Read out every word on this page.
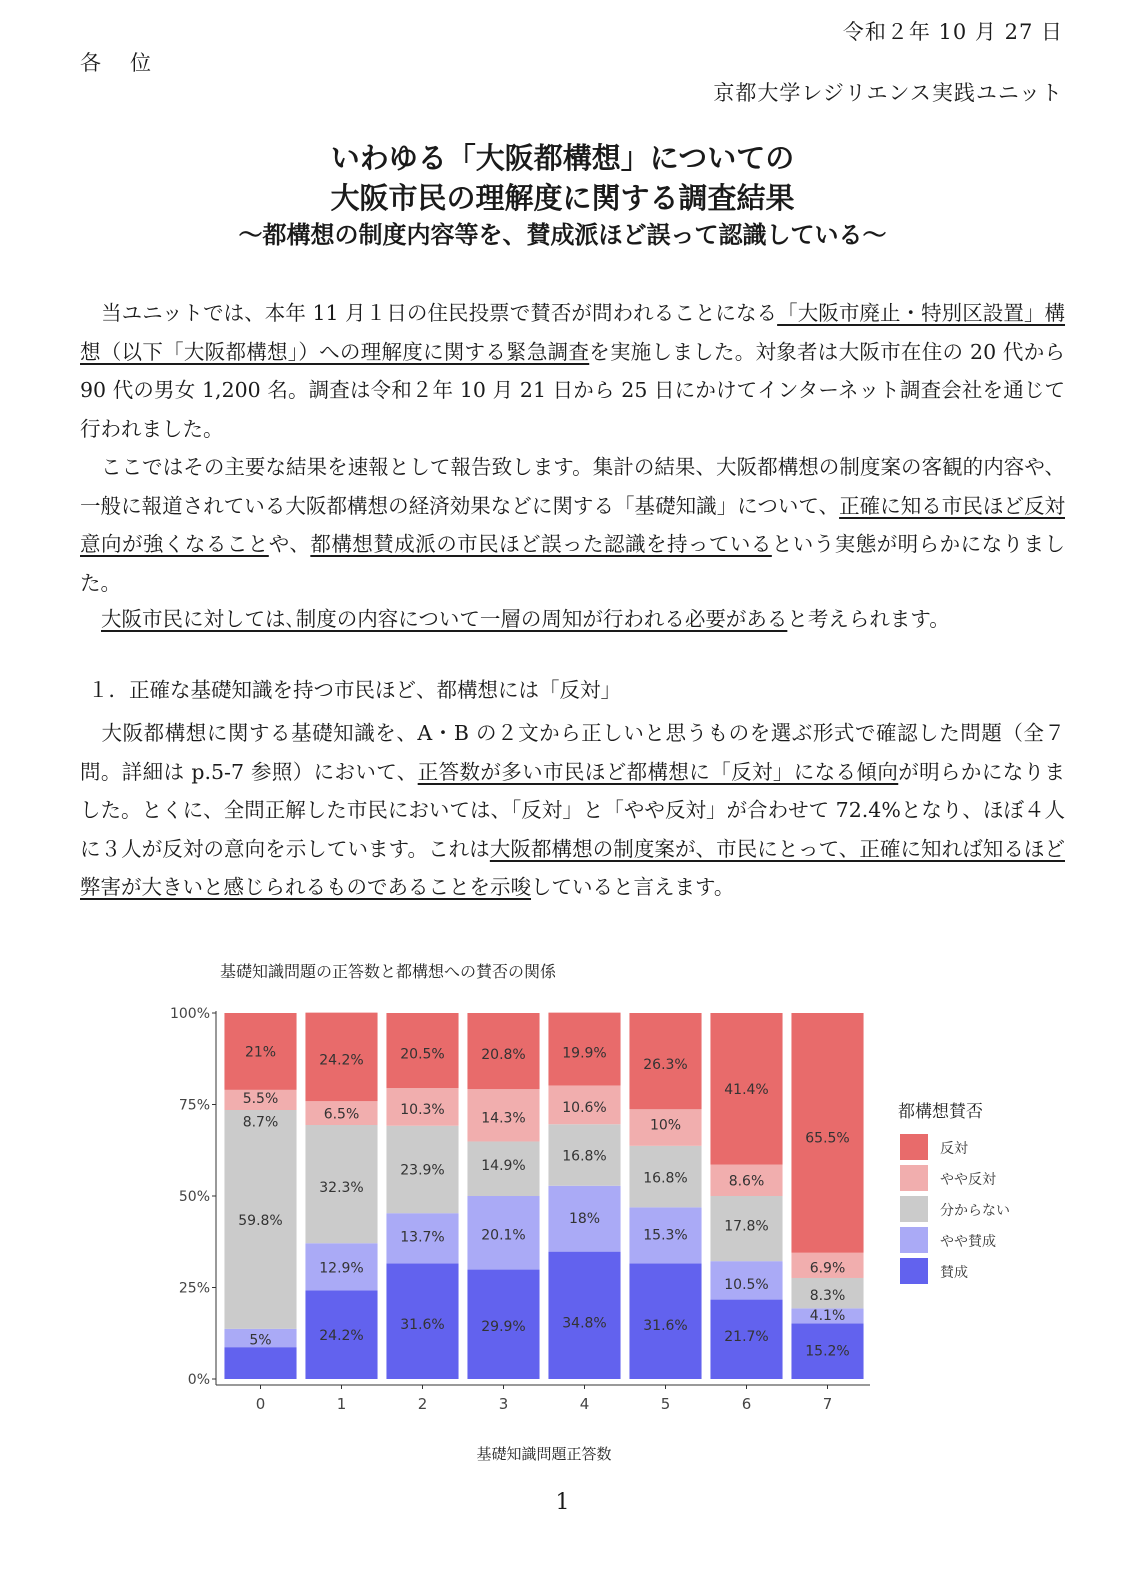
令和２年 10 月 27 日
各　位
京都大学レジリエンス実践ユニット
いわゆる「大阪都構想」についての
大阪市民の理解度に関する調査結果
～都構想の制度内容等を、賛成派ほど誤って認識している～
当ユニットでは、本年 11 月１日の住民投票で賛否が問われることになる「大阪市廃止・特別区設置」構想（以下「大阪都構想」）への理解度に関する緊急調査を実施しました。対象者は大阪市在住の 20 代から 90 代の男女 1,200 名。調査は令和２年 10 月 21 日から 25 日にかけてインターネット調査会社を通じて行われました。
ここではその主要な結果を速報として報告致します。集計の結果、大阪都構想の制度案の客観的内容や、一般に報道されている大阪都構想の経済効果などに関する「基礎知識」について、正確に知る市民ほど反対意向が強くなることや、都構想賛成派の市民ほど誤った認識を持っているという実態が明らかになりました。
大阪市民に対しては､制度の内容について一層の周知が行われる必要があると考えられます。
１．正確な基礎知識を持つ市民ほど、都構想には「反対」
大阪都構想に関する基礎知識を、A・B の２文から正しいと思うものを選ぶ形式で確認した問題（全７問。詳細は p.5-7 参照）において、正答数が多い市民ほど都構想に「反対」になる傾向が明らかになりました。とくに、全問正解した市民においては、「反対」と「やや反対」が合わせて 72.4%となり、ほぼ４人に３人が反対の意向を示しています。これは大阪都構想の制度案が、市民にとって、正確に知れば知るほど弊害が大きいと感じられるものであることを示唆していると言えます。
基礎知識問題の正答数と都構想への賛否の関係
0%
25%
50%
75%
100%
0	1	2	3	4	5	6	7
8.7%
5%
59.8%
5.5%
21%
24.2%
12.9%
32.3%
6.5%
24.2%
31.6%
13.7%
23.9%
10.3%
20.5%
29.9%
20.1%
14.9%
14.3%
20.8%
34.8%
18%
16.8%
10.6%
19.9%
31.6%
15.3%
16.8%
10%
26.3%
21.7%
10.5%
17.8%
8.6%
41.4%
15.2%
4.1%
8.3%
6.9%
65.5%
都構想賛否
反対
やや反対
分からない
やや賛成
賛成
基礎知識問題正答数
1
